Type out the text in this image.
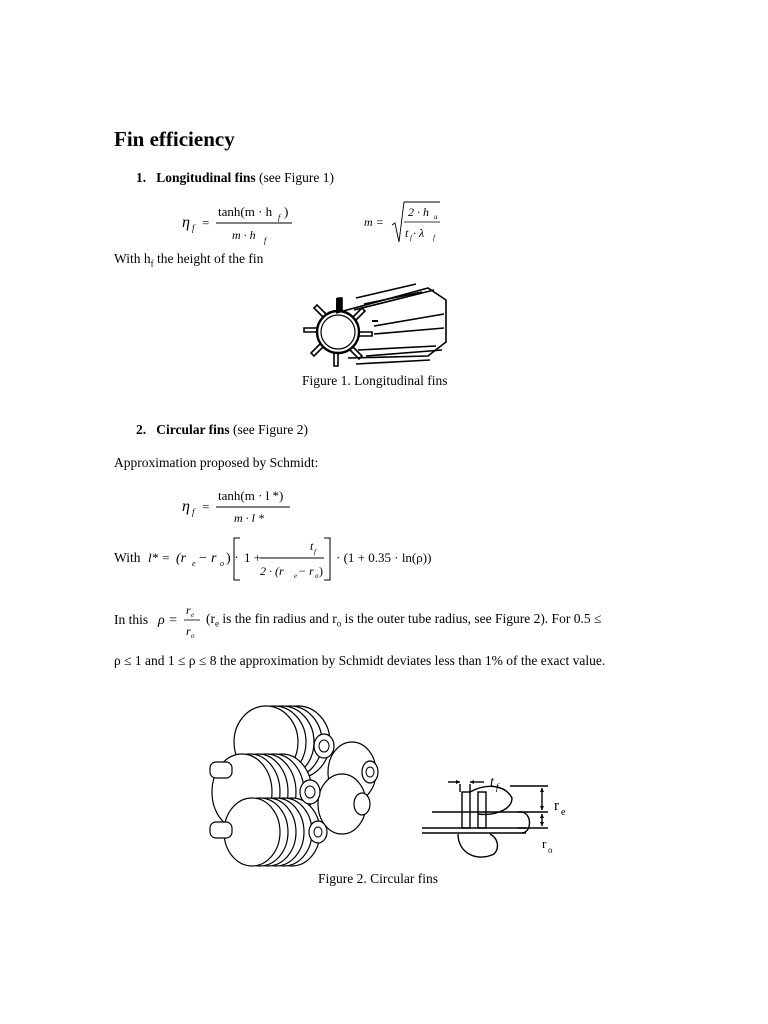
Fin efficiency
1. Longitudinal fins (see Figure 1)
η f =
tanh(m · h f )
m · h f
m =
2 · h u
t f · λ f
With $h_f$ the height of the fin
Figure 1. Longitudinal fins
2. Circular fins (see Figure 2)
Approximation proposed by Schmidt:
η f =
tanh(m · l *)
m · l *
With l* = (r e − r o ) · 1 +
t f
2 · (r e − r o )
· (1 + 0.35 · ln(ρ))
In this ρ =
r e
r o
($r_e$ is the fin radius and $r_o$ is the outer tube radius, see Figure 2). For 0.5 ≤
ρ ≤ 1 and 1 ≤ ρ ≤ 8 the approximation by Schmidt deviates less than 1% of the exact value.
t f
r e
r o
Figure 2. Circular fins
